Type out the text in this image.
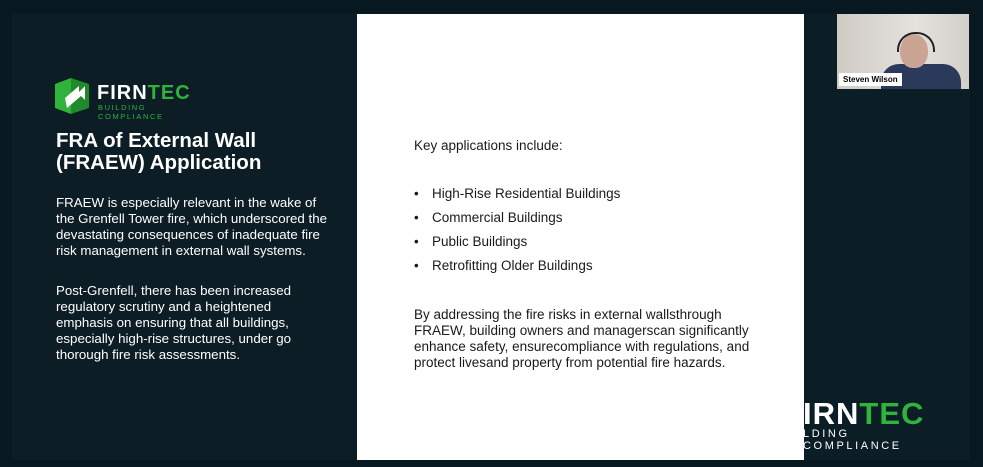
FIRNTEC
BUILDING COMPLIANCE
FRA of External Wall (FRAEW) Application
FRAEW is especially relevant in the wake of the Grenfell Tower fire, which underscored the devastating consequences of inadequate fire risk management in external wall systems.
Post-Grenfell, there has been increased regulatory scrutiny and a heightened emphasis on ensuring that all buildings, especially high-rise structures, under go thorough fire risk assessments.
Key applications include:
• High-Rise Residential Buildings
• Commercial Buildings
• Public Buildings
• Retrofitting Older Buildings
By addressing the fire risks in external wallsthrough FRAEW, building owners and managerscan significantly enhance safety, ensurecompliance with regulations, and protect livesand property from potential fire hazards.
Steven Wilson
IRNTEC
LDING COMPLIANCE
